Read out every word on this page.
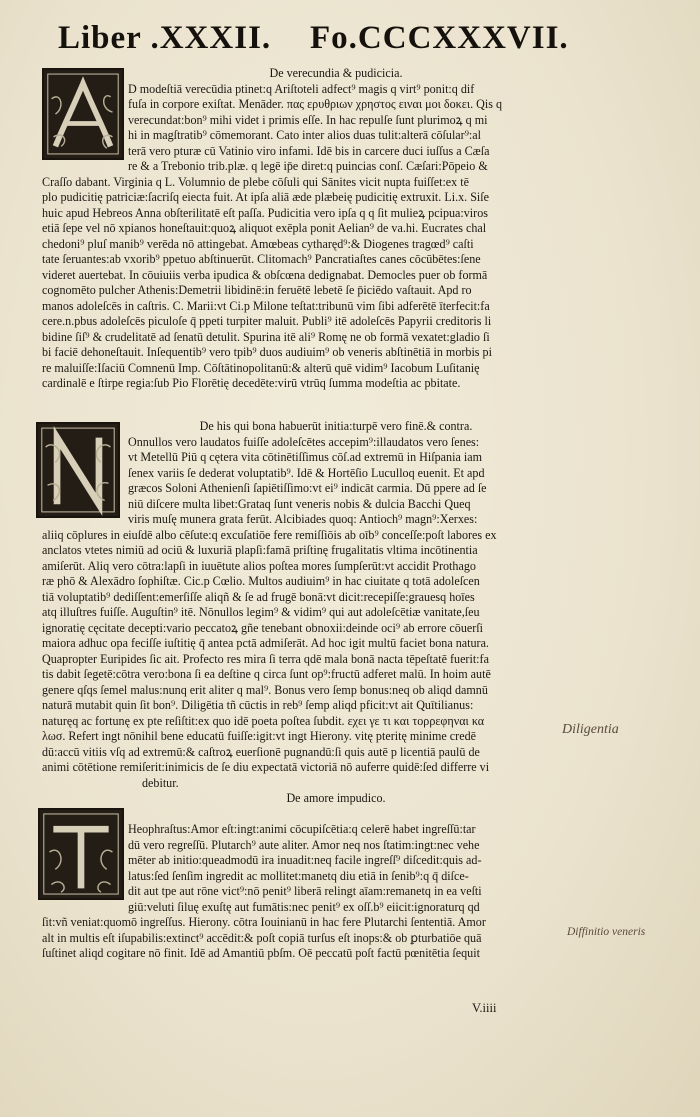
Liber .XXXII. Fo.CCCXXXVII.

De verecundia & pudicicia.

D modeſtiā verecūdia ptinet:q Ariſtoteli adfect⁹ magis q virt⁹ ponit:q dif

fuſa in corpore exiſtat. Menāder. πας ερυθριων χρηστος ειναι μοι δοκει. Qis q

verecundat:bon⁹ mihi videt i primis eſſe. In hac repulſe ſunt plurimoꝝ q mi

hi in magſtratib⁹ cōmemorant. Cato inter alios duas tulit:alterā cōſular⁹:al

terā vero pturæ cū Vatinio viro infami. Idē bis in carcere duci iuſſus a Cæſa

re & a Trebonio trib.plæ. q legē ip̄e diret:q puincias conſ. Cæſari:Pōpeio &

Craſſo dabant. Virginia q L. Volumnio de plebe cōſuli qui Sānites vicit nupta fuiſſet:ex tē

plo pudicitię patriciæ:ſacriſq eiecta fuit. At ipſa aliā æde plæbeię pudicitię extruxit. Li.x. Siſe

huic apud Hebreos Anna obſterilitatē eſt paſſa. Pudicitia vero ipſa q q ſit mulieꝝ pcipua:viros

etiā ſepe vel nō xpianos honeſtauit:quoꝝ aliquot exēpla ponit Aelian⁹ de va.hi. Eucrates chal

chedoni⁹ pluſ manib⁹ verēda nō attingebat. Amœbeas cytharęd⁹:& Diogenes tragœd⁹ caſti

tate ſeruantes:ab vxorib⁹ ppetuo abſtinuerūt. Clitomach⁹ Pancratiaſtes canes cōcūbētes:ſene

videret auertebat. In cōuiuiis verba ipudica & obſcœna dedignabat. Democles puer ob formā

cognomēto pulcher Athenis:Demetrii libidinē:in feruētē lebetē ſe p̄iciēdo vaſtauit. Apd ro

manos adoleſcēs in caſtris. C. Marii:vt Ci.p Milone teſtat:tribunū vim ſibi adferētē īterfecit:fa

cere.n.pbus adoleſcēs piculoſe q̄ ppeti turpiter maluit. Publi⁹ itē adoleſcēs Papyrii creditoris li

bidine ſiſ⁹ & crudelitatē ad ſenatū detulit. Spurina itē ali⁹ Romę ne ob formā vexatet:gladio ſi

bi faciē dehoneſtauit. Inſequentib⁹ vero tpib⁹ duos audiuim⁹ ob veneris abſtinētiā in morbis pi

re maluiſſe:Iſaciū Comnenū Imp. Cōſtātinopolitanū:& alterū quē vidim⁹ Iacobum Luſitanię

cardinalē e ſtirpe regia:ſub Pio Florētię decedēte:virū vtrūq ſumma modeſtia ac pbitate.

De his qui bona habuerūt initia:turpē vero finē.& contra.

Onnullos vero laudatos fuiſſe adoleſcētes accepim⁹:illaudatos vero ſenes:

vt Metellū Piū q cętera vita cōtinētiſſimus cōſ.ad extremū in Hiſpania iam

ſenex variis ſe dederat voluptatib⁹. Idē & Hortēſio Luculloq euenit. Et apd

græcos Soloni Athenienſi ſapiētiſſimo:vt ei⁹ indicāt carmia. Dū ppere ad ſe

niū diſcere multa libet:Grataq ſunt veneris nobis & dulcia Bacchi Queq

viris muſę munera grata ferūt. Alcibiades quoq: Antioch⁹ magn⁹:Xerxes:

aliiq cōplures in eiuſdē albo cēſute:q excuſatiōe fere remiſſiōis ab oīb⁹ conceſſe:poſt labores ex

anclatos vtetes nimiū ad ociū & luxuriā plapſi:famā priſtinę frugalitatis vltima incōtinentia

amiſerūt. Aliq vero cōtra:lapſi in iuuētute alios poſtea mores ſumpſerūt:vt accidit Prothago

ræ phō & Alexādro ſophiſtæ. Cic.p Cœlio. Multos audiuim⁹ in hac ciuitate q totā adoleſcen

tiā voluptatib⁹ dediſſent:emerſiſſe aliqñ & ſe ad frugē bonā:vt dicit:recepiſſe:grauesq hoīes

atq illuſtres fuiſſe. Auguſtin⁹ itē. Nōnullos legim⁹ & vidim⁹ qui aut adoleſcētiæ vanitate,ſeu

ignoratię cęcitate decepti:vario peccatoꝝ gñe tenebant obnoxii:deinde oci⁹ ab errore cōuerſi

maiora adhuc opa feciſſe iuſtitię q̄ antea pctā admiſerāt. Ad hoc igit multū faciet bona natura.

Quapropter Euripides ſic ait. Profecto res mira ſi terra qdē mala bonā nacta tēpeſtatē fuerit:fa

tis dabit ſegetē:cōtra vero:bona ſi ea deſtine q circa ſunt op⁹:fructū adferet malū. In hoim autē

genere qſqs ſemel malus:nunq erit aliter q mal⁹. Bonus vero ſemp bonus:neq ob aliqd damnū

naturā mutabit quin ſit bon⁹. Diligētia tñ cūctis in reb⁹ ſemp aliqd pficit:vt ait Quītilianus:

naturęq ac fortunę ex pte reſiſtit:ex quo idē poeta poſtea ſubdit. εχει γε τι και τορρεφηναι κα

λωσ. Refert ingt nōnihil bene educatū fuiſſe:igit:vt ingt Hierony. vitę pteritę minime credē

dū:accū vitiis vſq ad extremū:& caſtroꝝ euerſionē pugnandū:ſi quis autē p licentiā paulū de

animi cōtētione remiſerit:inimicis de ſe diu expectatā victoriā nō auferre quidē:ſed differre vi

debitur.

Diligentia

De amore impudico.

Heophraſtus:Amor eſt:ingt:animi cōcupiſcētia:q celerē habet ingreſſū:tar

dū vero regreſſū. Plutarch⁹ aute aliter. Amor neq nos ſtatim:ingt:nec vehe

mēter ab initio:queadmodū ira inuadit:neq facile ingreſſ⁹ diſcedit:quis ad-

latus:ſed ſenſim ingredit ac mollitet:manetq diu etiā in ſenib⁹:q q̄ diſce-

dit aut tpe aut rōne vict⁹:nō penit⁹ liberā relingt aīam:remanetq in ea veſti

giū:veluti ſiluę exuſtę aut fumātis:nec penit⁹ ex oſſ.b⁹ eiicit:ignoraturq qd

ſit:vñ veniat:quomō ingreſſus. Hierony. cōtra Iouinianū in hac fere Plutarchi ſententiā. Amor

alt in multis eſt iſupabilis:extinct⁹ accēdit:& poſt copiā turſus eſt inops:& ob ꝑturbatiōe quā

ſuſtinet aliqd cogitare nō finit. Idē ad Amantiū pbſm. Oē peccatū poſt factū pœnitētia ſequit

Diffinitio veneris
V.iiii
